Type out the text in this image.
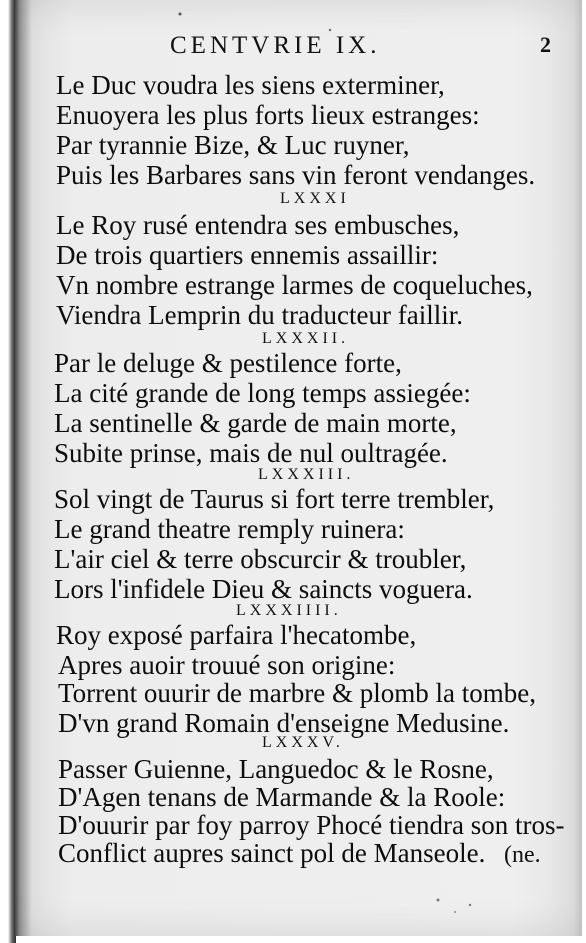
CENTVRIE IX.	2
Le Duc voudra les siens exterminer,
Enuoyera les plus forts lieux estranges:
Par tyrannie Bize, & Luc ruyner,
Puis les Barbares sans vin feront vendanges.
LXXXI
Le Roy rusé entendra ses embusches,
De trois quartiers ennemis assaillir:
Vn nombre estrange larmes de coqueluches,
Viendra Lemprin du traducteur faillir.
LXXXII.
Par le deluge & pestilence forte,
La cité grande de long temps assiegée:
La sentinelle & garde de main morte,
Subite prinse, mais de nul oultragée.
LXXXIII.
Sol vingt de Taurus si fort terre trembler,
Le grand theatre remply ruinera:
L'air ciel & terre obscurcir & troubler,
Lors l'infidele Dieu & saincts voguera.
LXXXIIII.
Roy exposé parfaira l'hecatombe,
Apres auoir trouué son origine:
Torrent ouurir de marbre & plomb la tombe,
D'vn grand Romain d'enseigne Medusine.
LXXXV.
Passer Guienne, Languedoc & le Rosne,
D'Agen tenans de Marmande & la Roole:
D'ouurir par foy parroy Phocé tiendra son tros-
Conflict aupres sainct pol de Manseole. (ne.
